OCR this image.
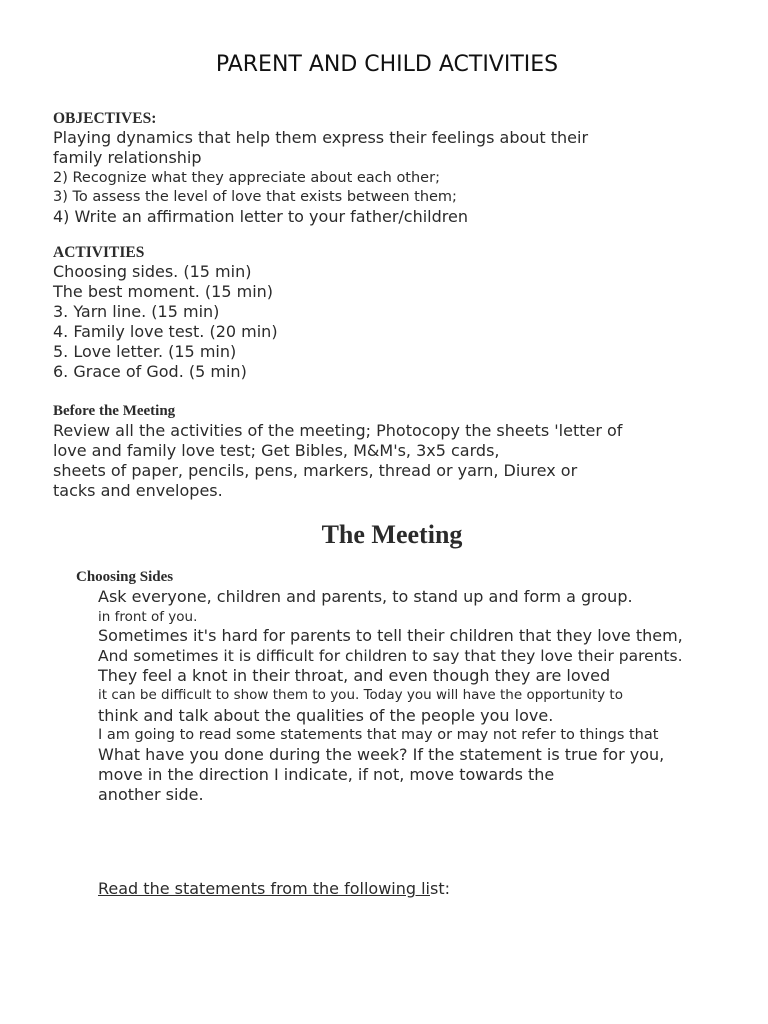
PARENT AND CHILD ACTIVITIES
OBJECTIVES:
Playing dynamics that help them express their feelings about their
family relationship
2) Recognize what they appreciate about each other;
3) To assess the level of love that exists between them;
4) Write an affirmation letter to your father/children
ACTIVITIES
Choosing sides. (15 min)
The best moment. (15 min)
3. Yarn line. (15 min)
4. Family love test. (20 min)
5. Love letter. (15 min)
6. Grace of God. (5 min)
Before the Meeting
Review all the activities of the meeting; Photocopy the sheets 'letter of
love and family love test; Get Bibles, M&M's, 3x5 cards,
sheets of paper, pencils, pens, markers, thread or yarn, Diurex or
tacks and envelopes.
The Meeting
Choosing Sides
Ask everyone, children and parents, to stand up and form a group.
in front of you.
Sometimes it's hard for parents to tell their children that they love them,
And sometimes it is difficult for children to say that they love their parents.
They feel a knot in their throat, and even though they are loved
it can be difficult to show them to you. Today you will have the opportunity to
think and talk about the qualities of the people you love.
I am going to read some statements that may or may not refer to things that
What have you done during the week? If the statement is true for you,
move in the direction I indicate, if not, move towards the
another side.
Read the statements from the following list:
